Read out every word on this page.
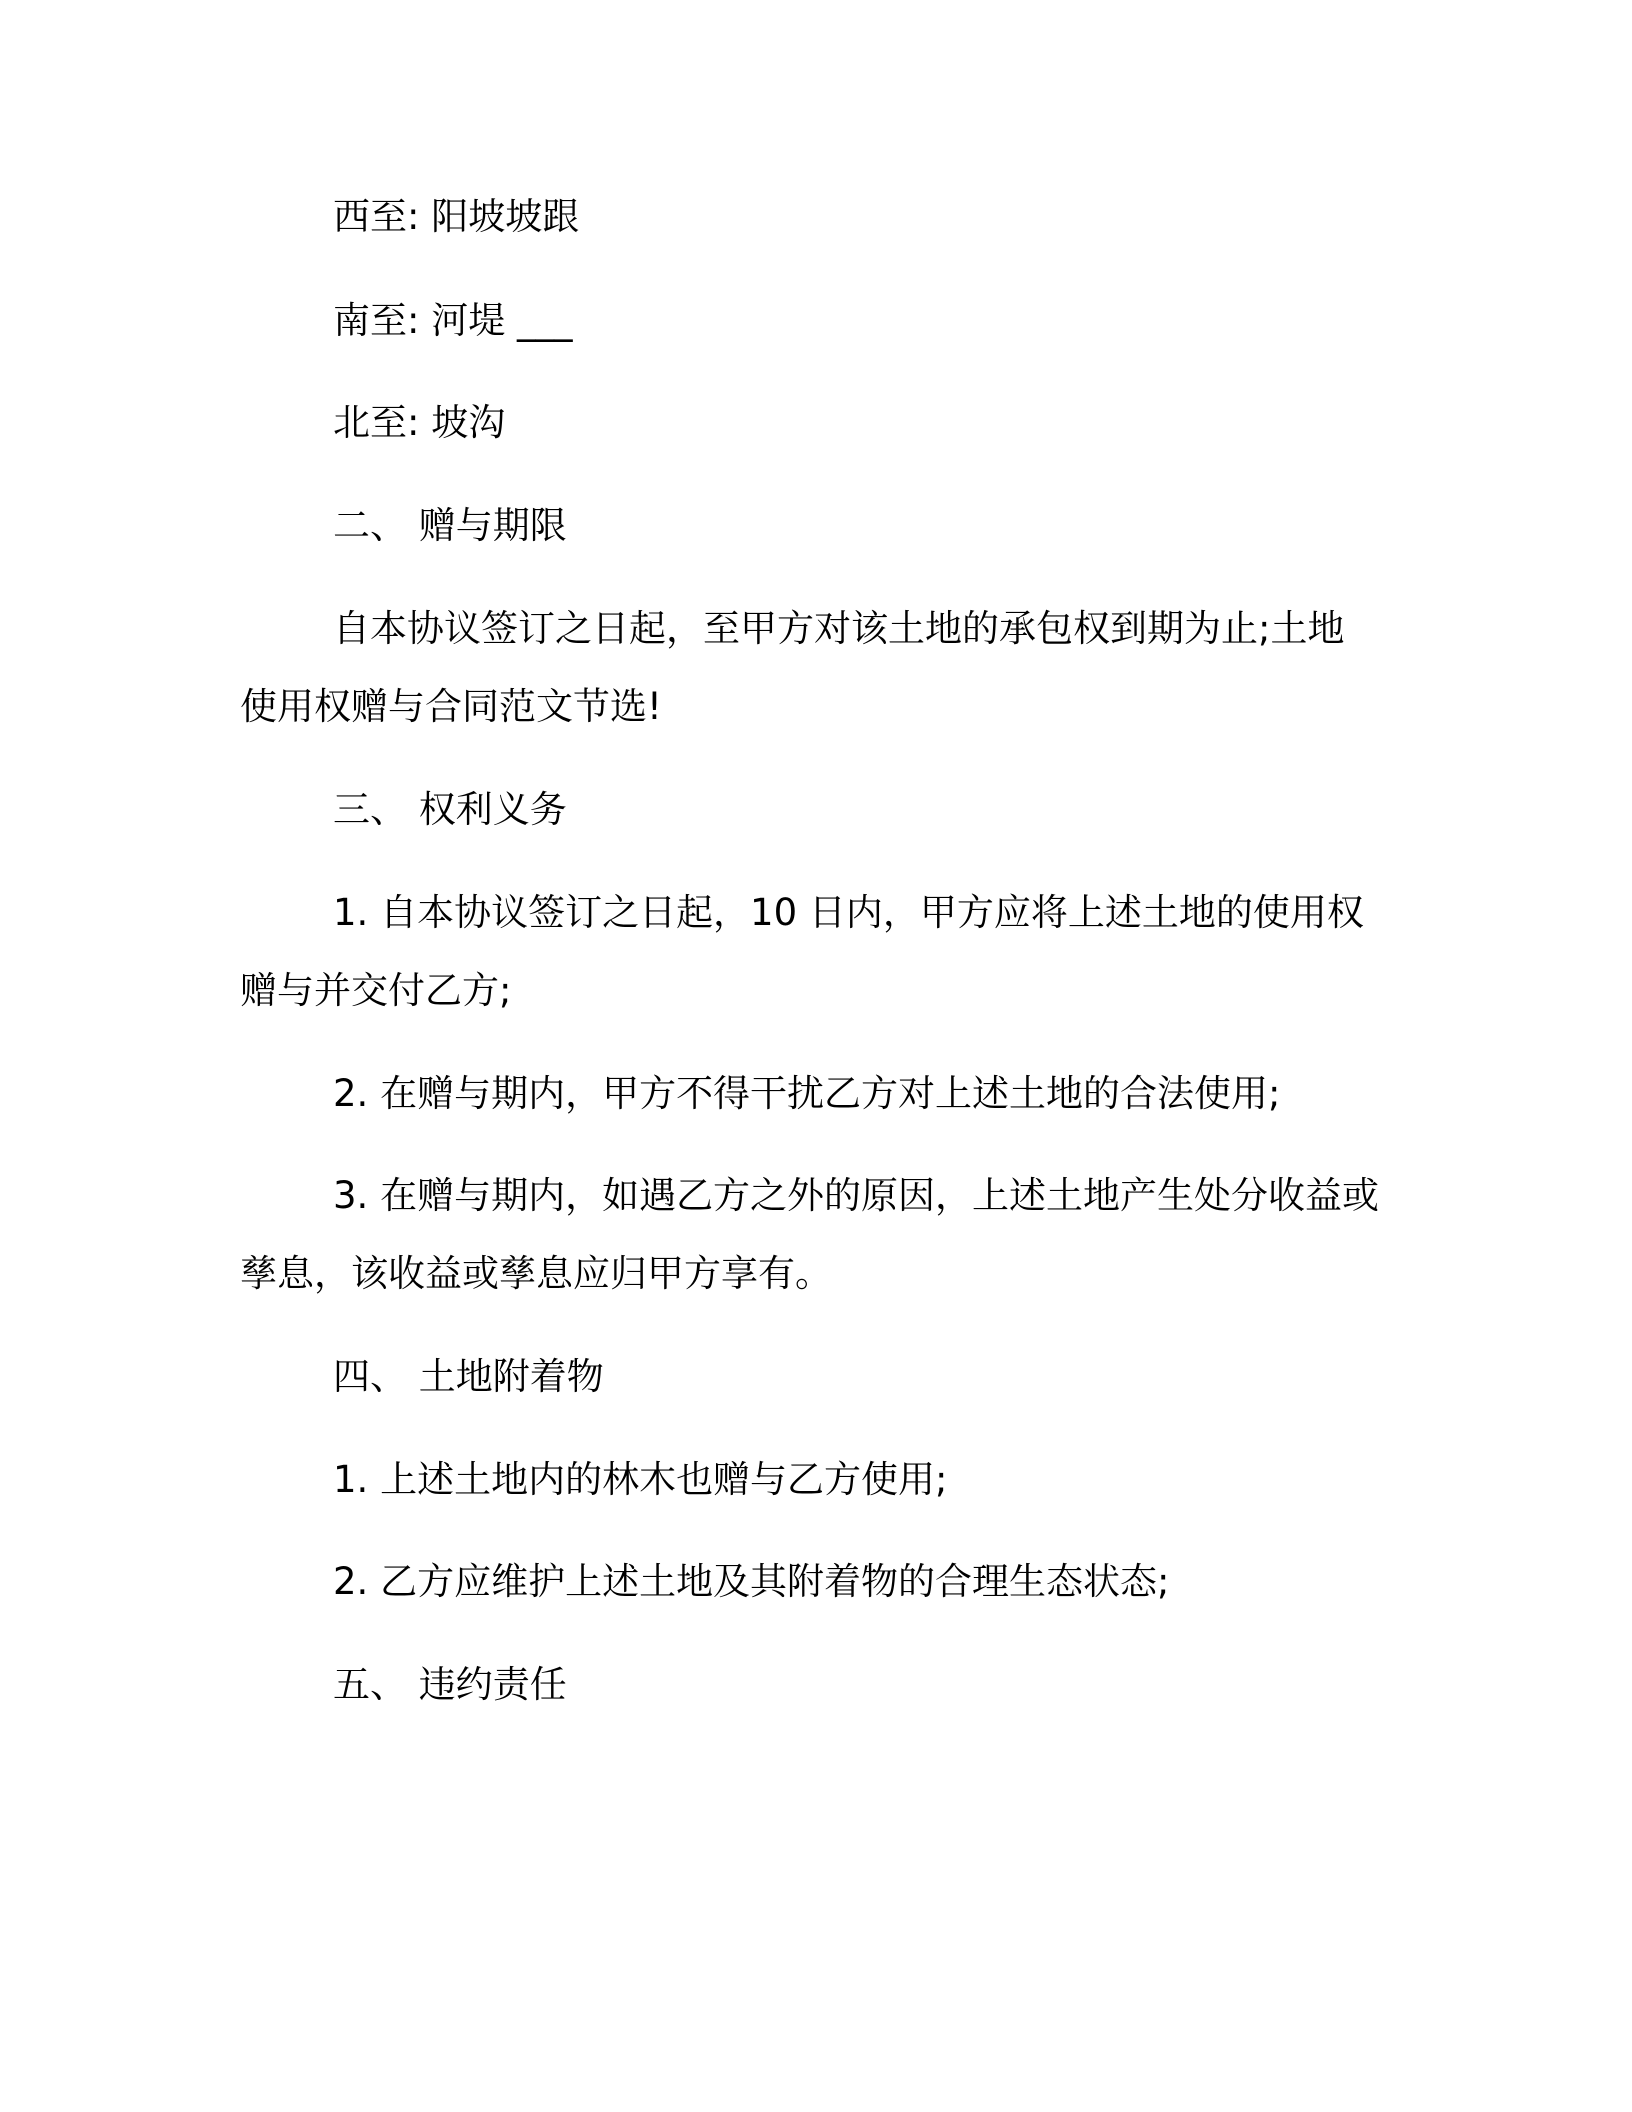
西至: 阳坡坡跟
南至: 河堤 ___
北至: 坡沟
二、 赠与期限
自本协议签订之日起，至甲方对该土地的承包权到期为止;土地
使用权赠与合同范文节选!
三、 权利义务
1. 自本协议签订之日起，10 日内，甲方应将上述土地的使用权
赠与并交付乙方;
2. 在赠与期内，甲方不得干扰乙方对上述土地的合法使用;
3. 在赠与期内，如遇乙方之外的原因，上述土地产生处分收益或
孳息，该收益或孳息应归甲方享有。
四、 土地附着物
1. 上述土地内的林木也赠与乙方使用;
2. 乙方应维护上述土地及其附着物的合理生态状态;
五、 违约责任
